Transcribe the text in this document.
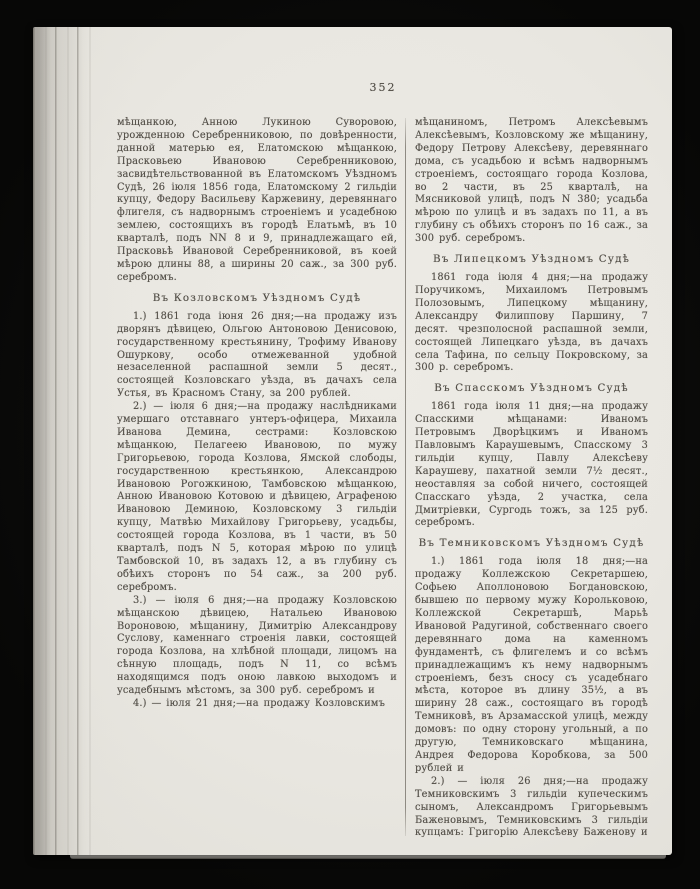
352

мѣщанкою, Анною Лукиною Суворовою, урожденною Серебренниковою, по довѣренности, данной матерью ея, Елатомскою мѣщанкою, Прасковьею Ивановою Серебренниковою, засвидѣтельствованной въ Елатомскомъ Уѣздномъ Судѣ, 26 іюля 1856 года, Елатомскому 2 гильдіи купцу, Федору Васильеву Каржевину, деревяннаго флигеля, съ надворнымъ строеніемъ и усадебною землею, состоящихъ въ городѣ Елатьмѣ, въ 10 кварталѣ, подъ NN 8 и 9, принадлежащаго ей, Прасковьѣ Ивановой Серебренниковой, въ коей мѣрою длины 88, а ширины 20 саж., за 300 руб. серебромъ.

Въ Козловскомъ Уѣздномъ Судѣ

1.) 1861 года іюня 26 дня;—на продажу изъ дворянъ дѣвицею, Ольгою Антоновою Денисовою, государственному крестьянину, Трофиму Иванову Ошуркову, особо отмежеванной удобной незаселенной распашной земли 5 десят., состоящей Козловскаго уѣзда, въ дачахъ села Устья, въ Красномъ Стану, за 200 рублей.

2.) — іюля 6 дня;—на продажу наслѣдниками умершаго отставнаго унтеръ-офицера, Михаила Иванова Демина, сестрами: Козловскою мѣщанкою, Пелагеею Ивановою, по мужу Григорьевою, города Козлова, Ямской слободы, государственною крестьянкою, Александрою Ивановою Рогожкиною, Тамбовскою мѣщанкою, Анною Ивановою Котовою и дѣвицею, Аграфеною Ивановою Деминою, Козловскому 3 гильдіи купцу, Матвѣю Михайлову Григорьеву, усадьбы, состоящей города Козлова, въ 1 части, въ 50 кварталѣ, подъ N 5, которая мѣрою по улицѣ Тамбовской 10, въ задахъ 12, а въ глубину съ обѣихъ сторонъ по 54 саж., за 200 руб. серебромъ.

3.) — іюля 6 дня;—на продажу Козловскою мѣщанскою дѣвицею, Натальею Ивановою Вороновою, мѣщанину, Димитрію Александрову Суслову, каменнаго строенія лавки, состоящей города Козлова, на хлѣбной площади, лицомъ на сѣнную площадь, подъ N 11, со всѣмъ находящимся подъ оною лавкою выходомъ и усадебнымъ мѣстомъ, за 300 руб. серебромъ и

4.) — іюля 21 дня;—на продажу Козловскимъ

мѣщаниномъ, Петромъ Алексѣевымъ Алексѣевымъ, Козловскому же мѣщанину, Федору Петрову Алексѣеву, деревяннаго дома, съ усадьбою и всѣмъ надворнымъ строеніемъ, состоящаго города Козлова, во 2 части, въ 25 кварталѣ, на Мясниковой улицѣ, подъ N 380; усадьба мѣрою по улицѣ и въ задахъ по 11, а въ глубину съ обѣихъ сторонъ по 16 саж., за 300 руб. серебромъ.

Въ Липецкомъ Уѣздномъ Судѣ

1861 года іюля 4 дня;—на продажу Поручикомъ, Михаиломъ Петровымъ Полозовымъ, Липецкому мѣщанину, Александру Филиппову Паршину, 7 десят. чрезполосной распашной земли, состоящей Липецкаго уѣзда, въ дачахъ села Тафина, по сельцу Покровскому, за 300 р. серебромъ.

Въ Спасскомъ Уѣздномъ Судѣ

1861 года іюля 11 дня;—на продажу Спасскими мѣщанами: Иваномъ Петровымъ Дворѣцкимъ и Иваномъ Павловымъ Караушевымъ, Спасскому 3 гильдіи купцу, Павлу Алексѣеву Караушеву, пахатной земли 7½ десят., неоставляя за собой ничего, состоящей Спасскаго уѣзда, 2 участка, села Дмитріевки, Сургодь тожъ, за 125 руб. серебромъ.

Въ Темниковскомъ Уѣздномъ Судѣ

1.) 1861 года іюля 18 дня;—на продажу Коллежскою Секретаршею, Софьею Аполлоновою Богдановскою, бывшею по первому мужу Корольковою, Коллежской Секретаршѣ, Марьѣ Ивановой Радугиной, собственнаго своего деревяннаго дома на каменномъ фундаментѣ, съ флигелемъ и со всѣмъ принадлежащимъ къ нему надворнымъ строеніемъ, безъ сносу съ усадебнаго мѣста, которое въ длину 35½, а въ ширину 28 саж., состоящаго въ городѣ Темниковѣ, въ Арзамасской улицѣ, между домовъ: по одну сторону угольный, а по другую, Темниковскаго мѣщанина, Андрея Федорова Коробкова, за 500 рублей и

2.) — іюля 26 дня;—на продажу Темниковскимъ 3 гильдіи купеческимъ сыномъ, Александромъ Григорьевымъ Баженовымъ, Темниковскимъ 3 гильдіи купцамъ: Григорію Алексѣеву Баженову и
